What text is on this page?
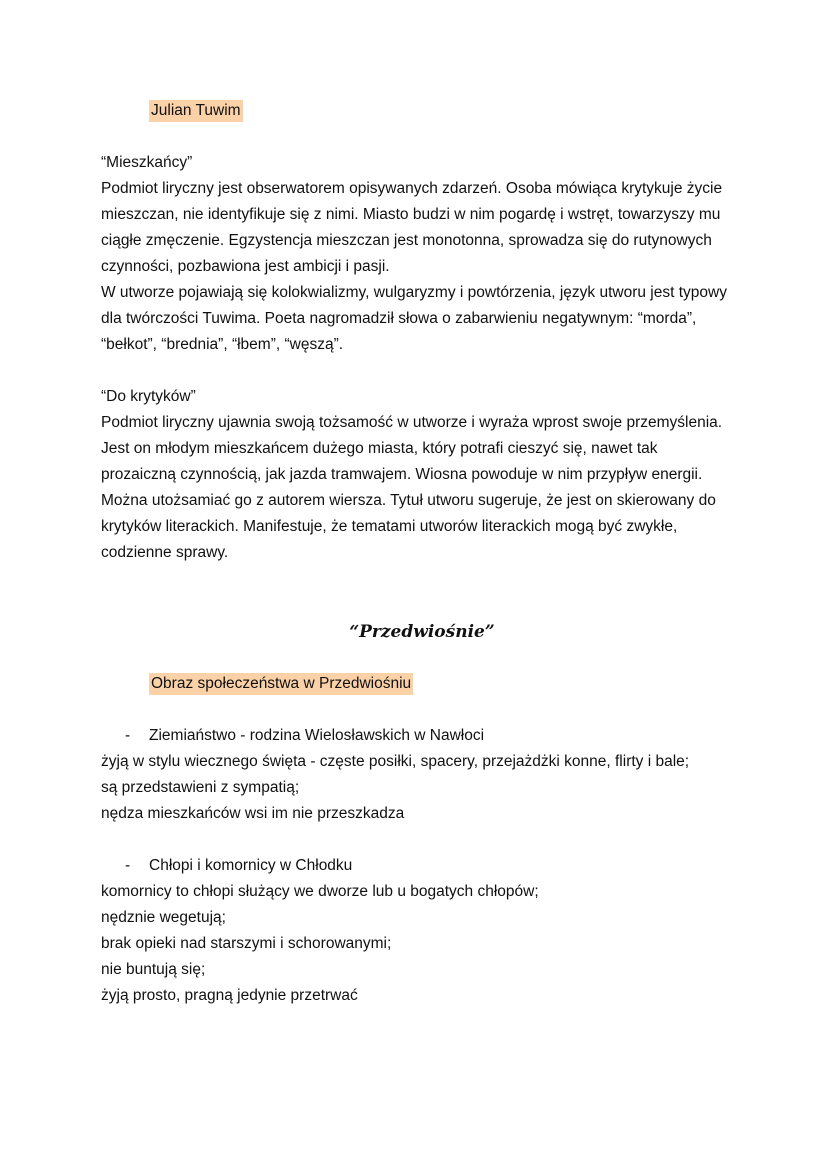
Julian Tuwim
“Mieszkańcy”

Podmiot liryczny jest obserwatorem opisywanych zdarzeń. Osoba mówiąca krytykuje życie mieszczan, nie identyfikuje się z nimi. Miasto budzi w nim pogardę i wstręt, towarzyszy mu ciągłe zmęczenie. Egzystencja mieszczan jest monotonna, sprowadza się do rutynowych czynności, pozbawiona jest ambicji i pasji.

W utworze pojawiają się kolokwializmy, wulgaryzmy i powtórzenia, język utworu jest typowy dla twórczości Tuwima. Poeta nagromadził słowa o zabarwieniu negatywnym: “morda”, “bełkot”, “brednia”, “łbem”, “węszą”.

“Do krytyków”

Podmiot liryczny ujawnia swoją tożsamość w utworze i wyraża wprost swoje przemyślenia. Jest on młodym mieszkańcem dużego miasta, który potrafi cieszyć się, nawet tak prozaiczną czynnością, jak jazda tramwajem. Wiosna powoduje w nim przypływ energii. Można utożsamiać go z autorem wiersza. Tytuł utworu sugeruje, że jest on skierowany do krytyków literackich. Manifestuje, że tematami utworów literackich mogą być zwykłe, codzienne sprawy.

“Przedwiośnie”
Obraz społeczeństwa w Przedwiośniu
- Ziemiaństwo - rodzina Wielosławskich w Nawłoci
żyją w stylu wiecznego święta - częste posiłki, spacery, przejażdżki konne, flirty i bale;
są przedstawieni z sympatią;
nędza mieszkańców wsi im nie przeszkadza
- Chłopi i komornicy w Chłodku
komornicy to chłopi służący we dworze lub u bogatych chłopów;
nędznie wegetują;
brak opieki nad starszymi i schorowanymi;
nie buntują się;
żyją prosto, pragną jedynie przetrwać
